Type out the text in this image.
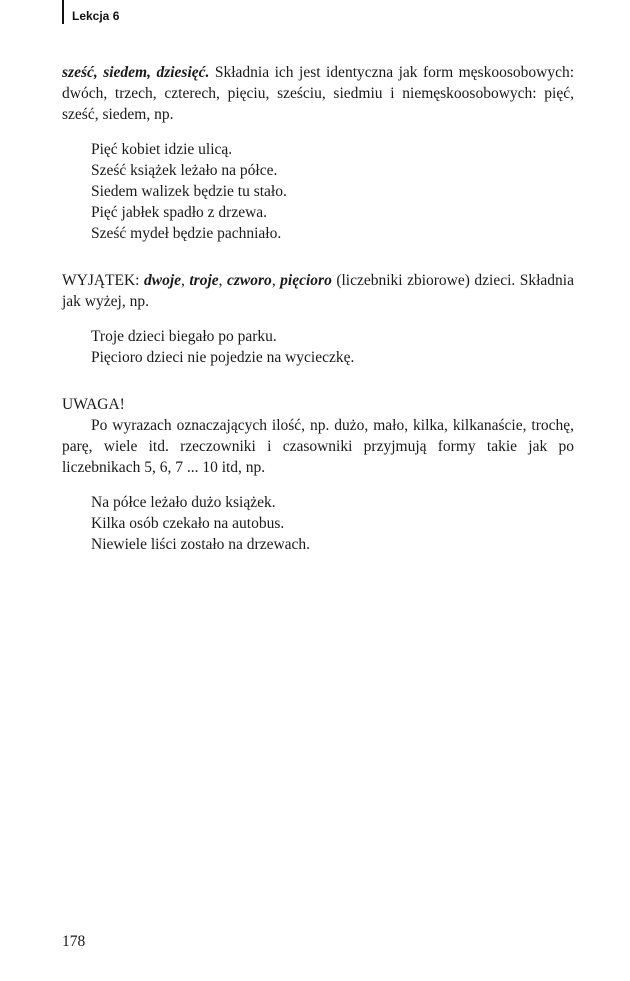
Lekcja 6

sześć, siedem, dziesięć. Składnia ich jest identyczna jak form męskoosobowych: dwóch, trzech, czterech, pięciu, sześciu, siedmiu i niemęskoosobowych: pięć, sześć, siedem, np.

Pięć kobiet idzie ulicą.
Sześć książek leżało na półce.
Siedem walizek będzie tu stało.
Pięć jabłek spadło z drzewa.
Sześć mydeł będzie pachniało.

WYJĄTEK: dwoje, troje, czworo, pięcioro (liczebniki zbiorowe) dzieci. Składnia jak wyżej, np.

Troje dzieci biegało po parku.
Pięcioro dzieci nie pojedzie na wycieczkę.

UWAGA!

Po wyrazach oznaczających ilość, np. dużo, mało, kilka, kilkanaście, trochę, parę, wiele itd. rzeczowniki i czasowniki przyjmują formy takie jak po liczebnikach 5, 6, 7 ... 10 itd, np.

Na półce leżało dużo książek.
Kilka osób czekało na autobus.
Niewiele liści zostało na drzewach.
178
